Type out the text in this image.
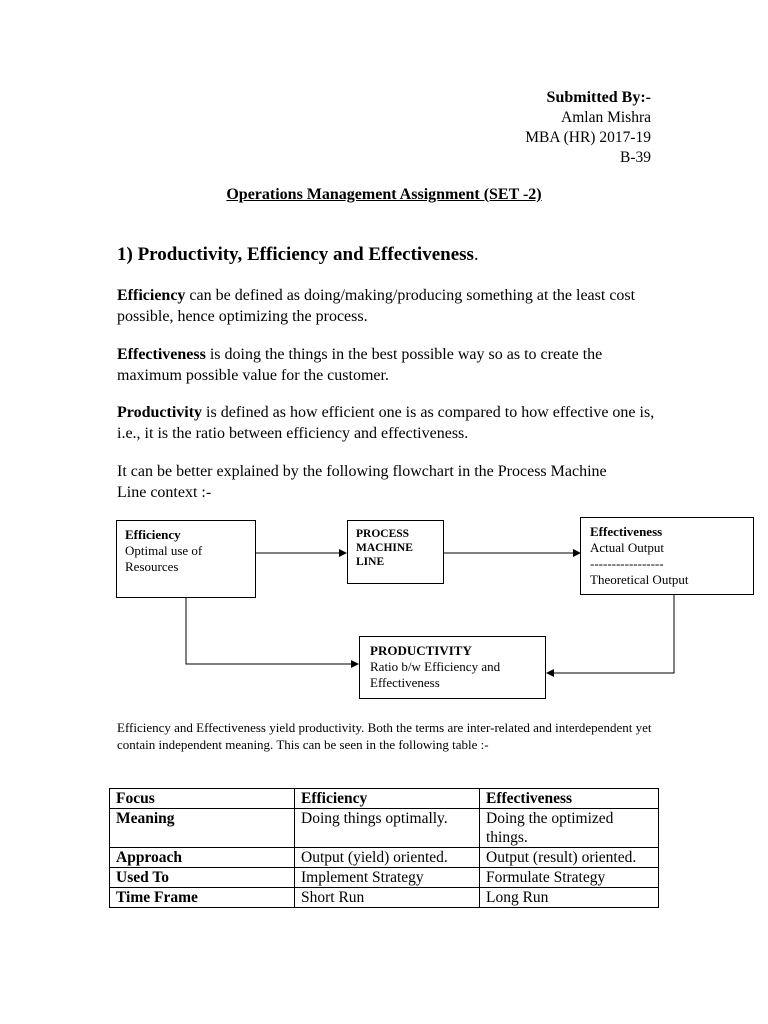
Submitted By:-
Amlan Mishra
MBA (HR) 2017-19
B-39
Operations Management Assignment (SET -2)
1) Productivity, Efficiency and Effectiveness.
Efficiency can be defined as doing/making/producing something at the least cost possible, hence optimizing the process.
Effectiveness is doing the things in the best possible way so as to create the maximum possible value for the customer.
Productivity is defined as how efficient one is as compared to how effective one is, i.e., it is the ratio between efficiency and effectiveness.
It can be better explained by the following flowchart in the Process Machine Line context :-
Efficiency
Optimal use of
Resources
PROCESS
MACHINE
LINE
Effectiveness
Actual Output
-----------------
Theoretical Output
PRODUCTIVITY
Ratio b/w Efficiency and
Effectiveness
Efficiency and Effectiveness yield productivity. Both the terms are inter-related and interdependent yet contain independent meaning. This can be seen in the following table :-
Focus	Efficiency	Effectiveness
Meaning	Doing things optimally.	Doing the optimized things.
Approach	Output (yield) oriented.	Output (result) oriented.
Used To	Implement Strategy	Formulate Strategy
Time Frame	Short Run	Long Run
